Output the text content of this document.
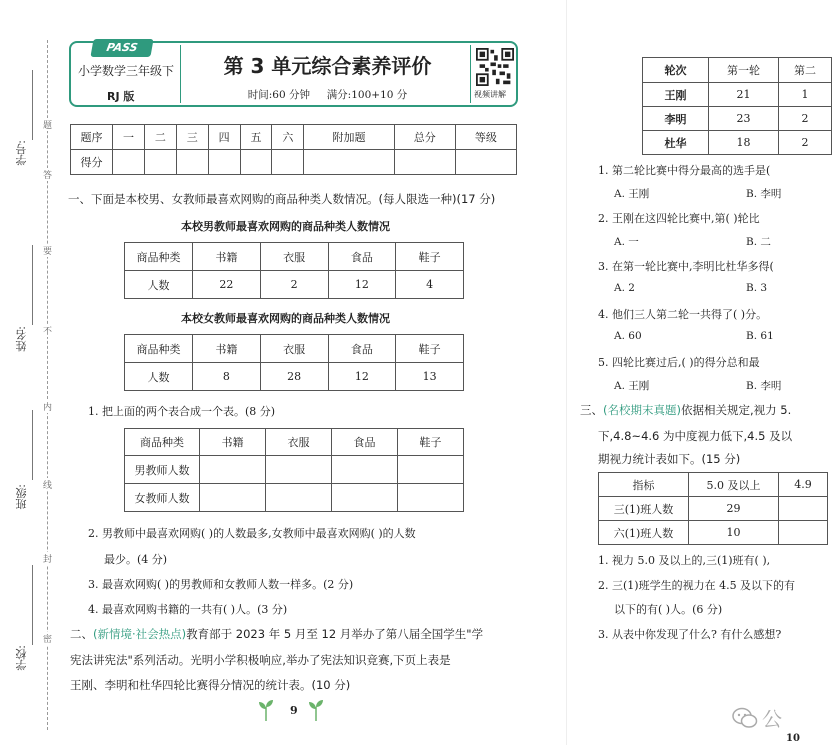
学号:
姓名:
班级:
学校:
题
答
要
不
内
线
封
密
PASS
小学数学三年级下
RJ 版
第 3 单元综合素养评价
时间:60 分钟 满分:100+10 分	视频讲解
题序	一	二	三	四	五	六	附加题	总分	等级
得分									
一、下面是本校男、女教师最喜欢网购的商品种类人数情况。(每人限选一种)(17 分)
本校男教师最喜欢网购的商品种类人数情况
商品种类	书籍	衣服	食品	鞋子
人数	22	2	12	4
本校女教师最喜欢网购的商品种类人数情况
商品种类	书籍	衣服	食品	鞋子
人数	8	28	12	13
1. 把上面的两个表合成一个表。(8 分)
商品种类	书籍	衣服	食品	鞋子
男教师人数				
女教师人数				
2. 男教师中最喜欢网购( )的人数最多,女教师中最喜欢网购( )的人数
最少。(4 分)
3. 最喜欢网购( )的男教师和女教师人数一样多。(2 分)
4. 最喜欢网购书籍的一共有( )人。(3 分)
二、(新情境·社会热点)教育部于 2023 年 5 月至 12 月举办了第八届全国学生"学
宪法讲宪法"系列活动。光明小学积极响应,举办了宪法知识竞赛,下页上表是
王刚、李明和杜华四轮比赛得分情况的统计表。(10 分)
9
轮次	第一轮	第二
王刚	21	1
李明	23	2
杜华	18	2
1. 第二轮比赛中得分最高的选手是(
A. 王刚	B. 李明
2. 王刚在这四轮比赛中,第( )轮比
A. 一	B. 二
3. 在第一轮比赛中,李明比杜华多得(
A. 2	B. 3
4. 他们三人第二轮一共得了( )分。
A. 60	B. 61
5. 四轮比赛过后,( )的得分总和最
A. 王刚	B. 李明
三、(名校期末真题)依据相关规定,视力 5.
下,4.8~4.6 为中度视力低下,4.5 及以
期视力统计表如下。(15 分)
指标	5.0 及以上	4.9
三(1)班人数	29	
六(1)班人数	10	
1. 视力 5.0 及以上的,三(1)班有( ),
2. 三(1)班学生的视力在 4.5 及以下的有
以下的有( )人。(6 分)
3. 从表中你发现了什么? 有什么感想?
公
10
